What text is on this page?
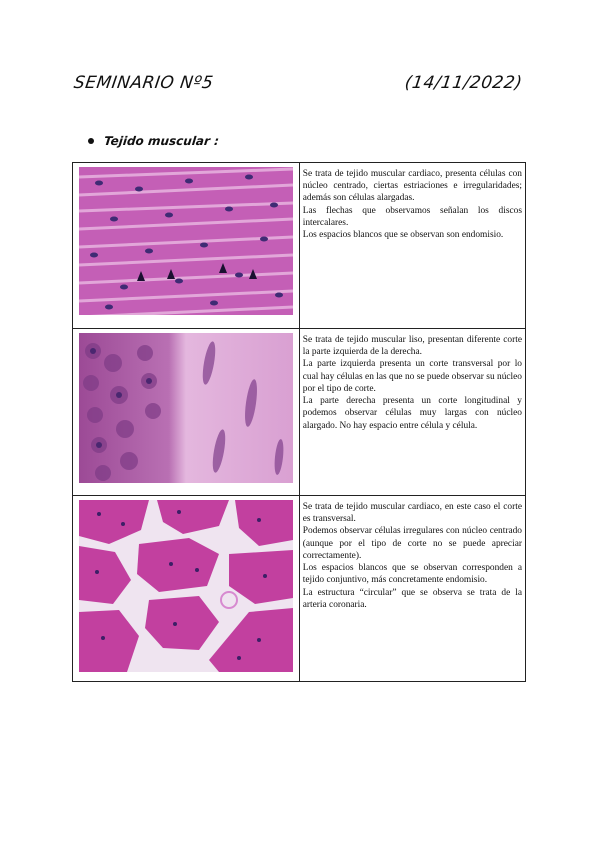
SEMINARIO Nº5	(14/11/2022)
Tejido muscular :

Se trata de tejido muscular cardiaco, presenta células con núcleo centrado, ciertas estriaciones e irregularidades; además son células alargadas.

Las flechas que observamos señalan los discos intercalares.

Los espacios blancos que se observan son endomisio.

Se trata de tejido muscular liso, presentan diferente corte la parte izquierda de la derecha.

La parte izquierda presenta un corte transversal por lo cual hay células en las que no se puede observar su núcleo por el tipo de corte.

La parte derecha presenta un corte longitudinal y podemos observar células muy largas con núcleo alargado. No hay espacio entre célula y célula.

Se trata de tejido muscular cardiaco, en este caso el corte es transversal.

Podemos observar células irregulares con núcleo centrado (aunque por el tipo de corte no se puede apreciar correctamente).

Los espacios blancos que se observan corresponden a tejido conjuntivo, más concretamente endomisio.

La estructura “circular” que se observa se trata de la arteria coronaria.
